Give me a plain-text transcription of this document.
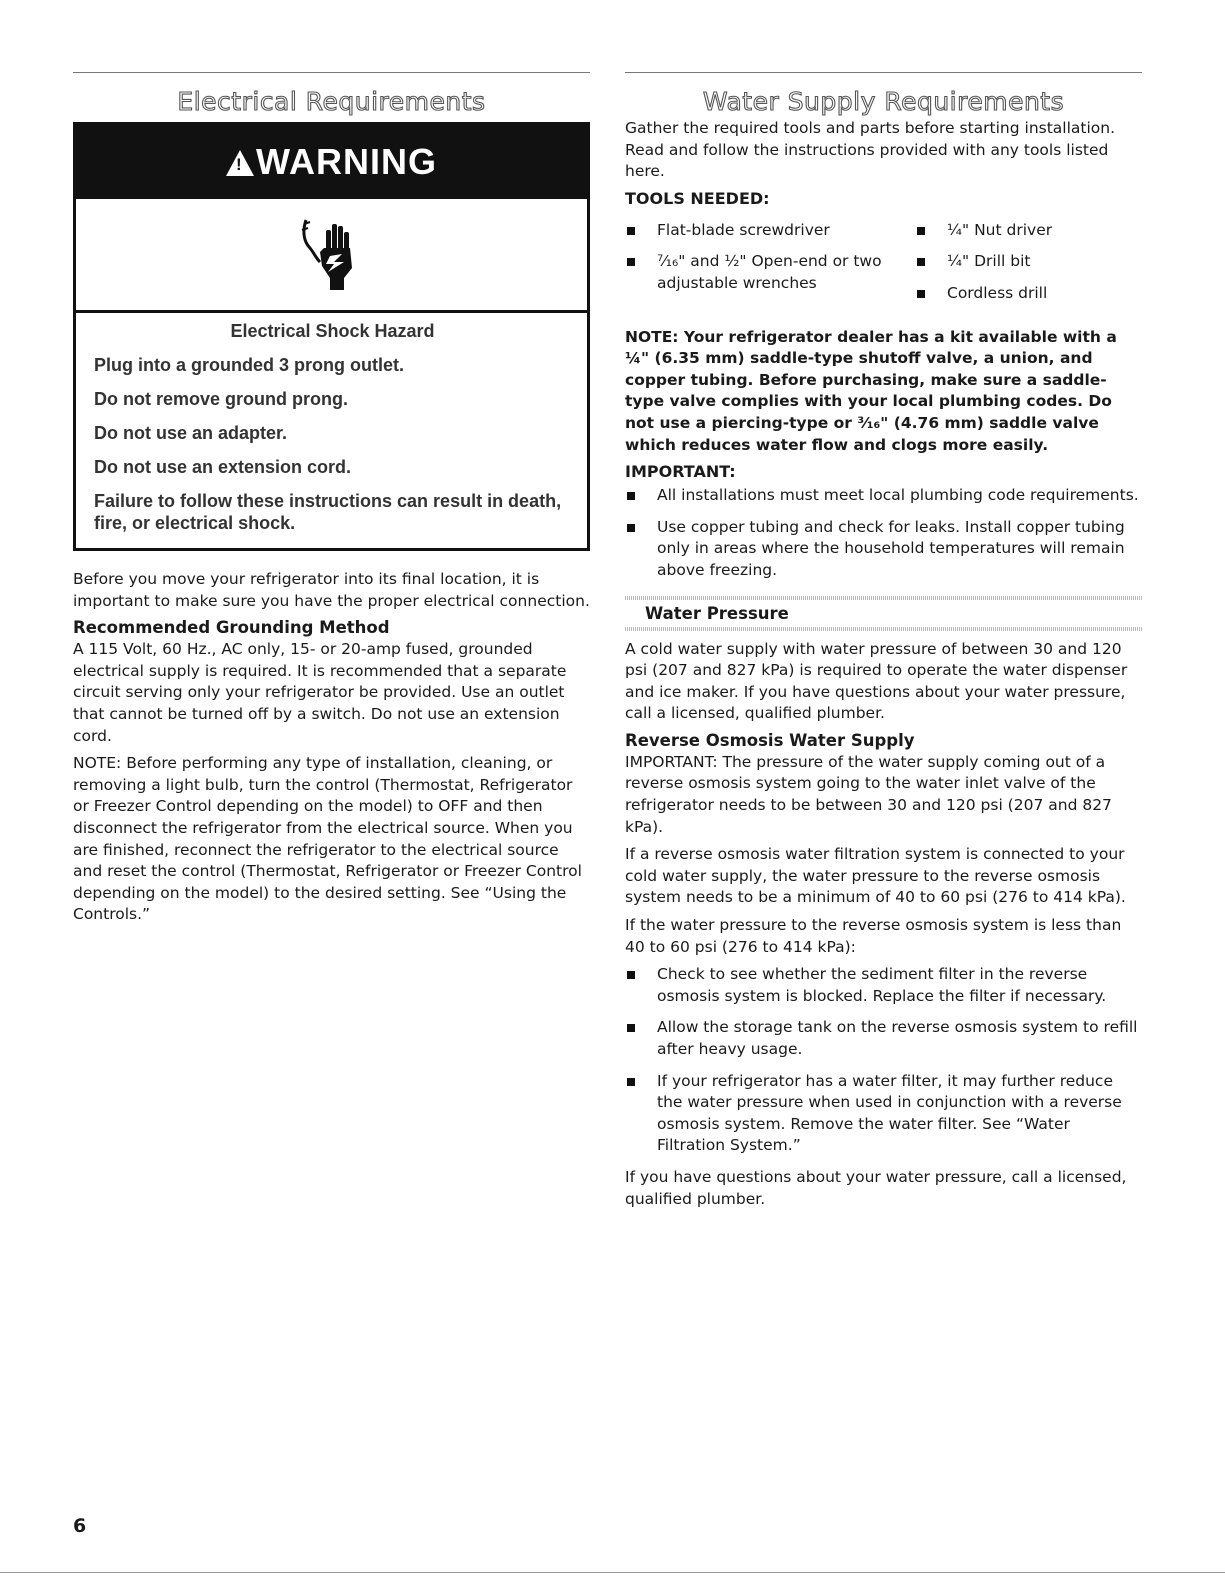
Electrical Requirements
!WARNING
Electrical Shock Hazard

Plug into a grounded 3 prong outlet.

Do not remove ground prong.

Do not use an adapter.

Do not use an extension cord.

Failure to follow these instructions can result in death, fire, or electrical shock.

Before you move your refrigerator into its final location, it is important to make sure you have the proper electrical connection.

Recommended Grounding Method

A 115 Volt, 60 Hz., AC only, 15- or 20-amp fused, grounded electrical supply is required. It is recommended that a separate circuit serving only your refrigerator be provided. Use an outlet that cannot be turned off by a switch. Do not use an extension cord.

NOTE: Before performing any type of installation, cleaning, or removing a light bulb, turn the control (Thermostat, Refrigerator or Freezer Control depending on the model) to OFF and then disconnect the refrigerator from the electrical source. When you are finished, reconnect the refrigerator to the electrical source and reset the control (Thermostat, Refrigerator or Freezer Control depending on the model) to the desired setting. See “Using the Controls.”

Water Supply Requirements

Gather the required tools and parts before starting installation. Read and follow the instructions provided with any tools listed here.

TOOLS NEEDED:
Flat-blade screwdriver
⁷⁄₁₆" and ½" Open-end or two adjustable wrenches
¼" Nut driver
¼" Drill bit
Cordless drill

NOTE: Your refrigerator dealer has a kit available with a ¼" (6.35 mm) saddle-type shutoff valve, a union, and copper tubing. Before purchasing, make sure a saddle-type valve complies with your local plumbing codes. Do not use a piercing-type or ³⁄₁₆" (4.76 mm) saddle valve which reduces water flow and clogs more easily.

IMPORTANT:
All installations must meet local plumbing code requirements.
Use copper tubing and check for leaks. Install copper tubing only in areas where the household temperatures will remain above freezing.
Water Pressure

A cold water supply with water pressure of between 30 and 120 psi (207 and 827 kPa) is required to operate the water dispenser and ice maker. If you have questions about your water pressure, call a licensed, qualified plumber.

Reverse Osmosis Water Supply

IMPORTANT: The pressure of the water supply coming out of a reverse osmosis system going to the water inlet valve of the refrigerator needs to be between 30 and 120 psi (207 and 827 kPa).

If a reverse osmosis water filtration system is connected to your cold water supply, the water pressure to the reverse osmosis system needs to be a minimum of 40 to 60 psi (276 to 414 kPa).

If the water pressure to the reverse osmosis system is less than 40 to 60 psi (276 to 414 kPa):

Check to see whether the sediment filter in the reverse osmosis system is blocked. Replace the filter if necessary.
Allow the storage tank on the reverse osmosis system to refill after heavy usage.
If your refrigerator has a water filter, it may further reduce the water pressure when used in conjunction with a reverse osmosis system. Remove the water filter. See “Water Filtration System.”

If you have questions about your water pressure, call a licensed, qualified plumber.

6
